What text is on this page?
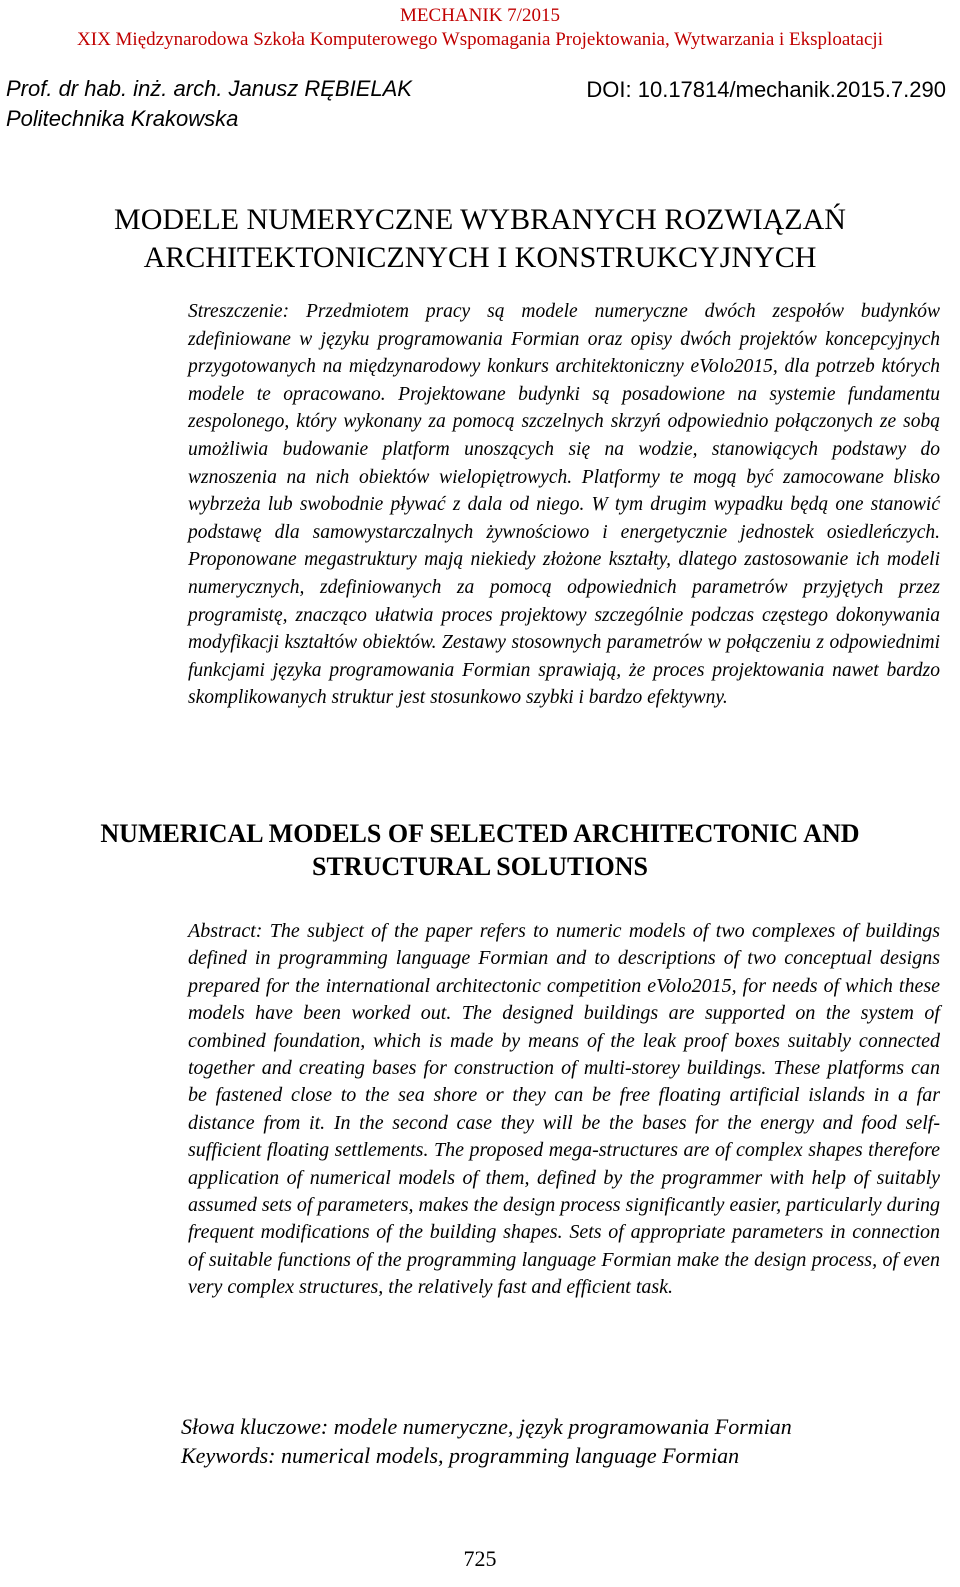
MECHANIK 7/2015
XIX Międzynarodowa Szkoła Komputerowego Wspomagania Projektowania, Wytwarzania i Eksploatacji
Prof. dr hab. inż. arch. Janusz RĘBIELAK
Politechnika Krakowska
DOI: 10.17814/mechanik.2015.7.290
MODELE NUMERYCZNE WYBRANYCH ROZWIĄZAŃ ARCHITEKTONICZNYCH I KONSTRUKCYJNYCH
Streszczenie: Przedmiotem pracy są modele numeryczne dwóch zespołów budynków zdefiniowane w języku programowania Formian oraz opisy dwóch projektów koncepcyjnych przygotowanych na międzynarodowy konkurs architektoniczny eVolo2015, dla potrzeb których modele te opracowano. Projektowane budynki są posadowione na systemie fundamentu zespolonego, który wykonany za pomocą szczelnych skrzyń odpowiednio połączonych ze sobą umożliwia budowanie platform unoszących się na wodzie, stanowiących podstawy do wznoszenia na nich obiektów wielopiętrowych. Platformy te mogą być zamocowane blisko wybrzeża lub swobodnie pływać z dala od niego. W tym drugim wypadku będą one stanowić podstawę dla samowystarczalnych żywnościowo i energetycznie jednostek osiedleńczych. Proponowane megastruktury mają niekiedy złożone kształty, dlatego zastosowanie ich modeli numerycznych, zdefiniowanych za pomocą odpowiednich parametrów przyjętych przez programistę, znacząco ułatwia proces projektowy szczególnie podczas częstego dokonywania modyfikacji kształtów obiektów. Zestawy stosownych parametrów w połączeniu z odpowiednimi funkcjami języka programowania Formian sprawiają, że proces projektowania nawet bardzo skomplikowanych struktur jest stosunkowo szybki i bardzo efektywny.
NUMERICAL MODELS OF SELECTED ARCHITECTONIC AND STRUCTURAL SOLUTIONS
Abstract: The subject of the paper refers to numeric models of two complexes of buildings defined in programming language Formian and to descriptions of two conceptual designs prepared for the international architectonic competition eVolo2015, for needs of which these models have been worked out. The designed buildings are supported on the system of combined foundation, which is made by means of the leak proof boxes suitably connected together and creating bases for construction of multi-storey buildings. These platforms can be fastened close to the sea shore or they can be free floating artificial islands in a far distance from it. In the second case they will be the bases for the energy and food self-sufficient floating settlements. The proposed mega-structures are of complex shapes therefore application of numerical models of them, defined by the programmer with help of suitably assumed sets of parameters, makes the design process significantly easier, particularly during frequent modifications of the building shapes. Sets of appropriate parameters in connection of suitable functions of the programming language Formian make the design process, of even very complex structures, the relatively fast and efficient task.
Słowa kluczowe: modele numeryczne, język programowania Formian
Keywords: numerical models, programming language Formian
725
